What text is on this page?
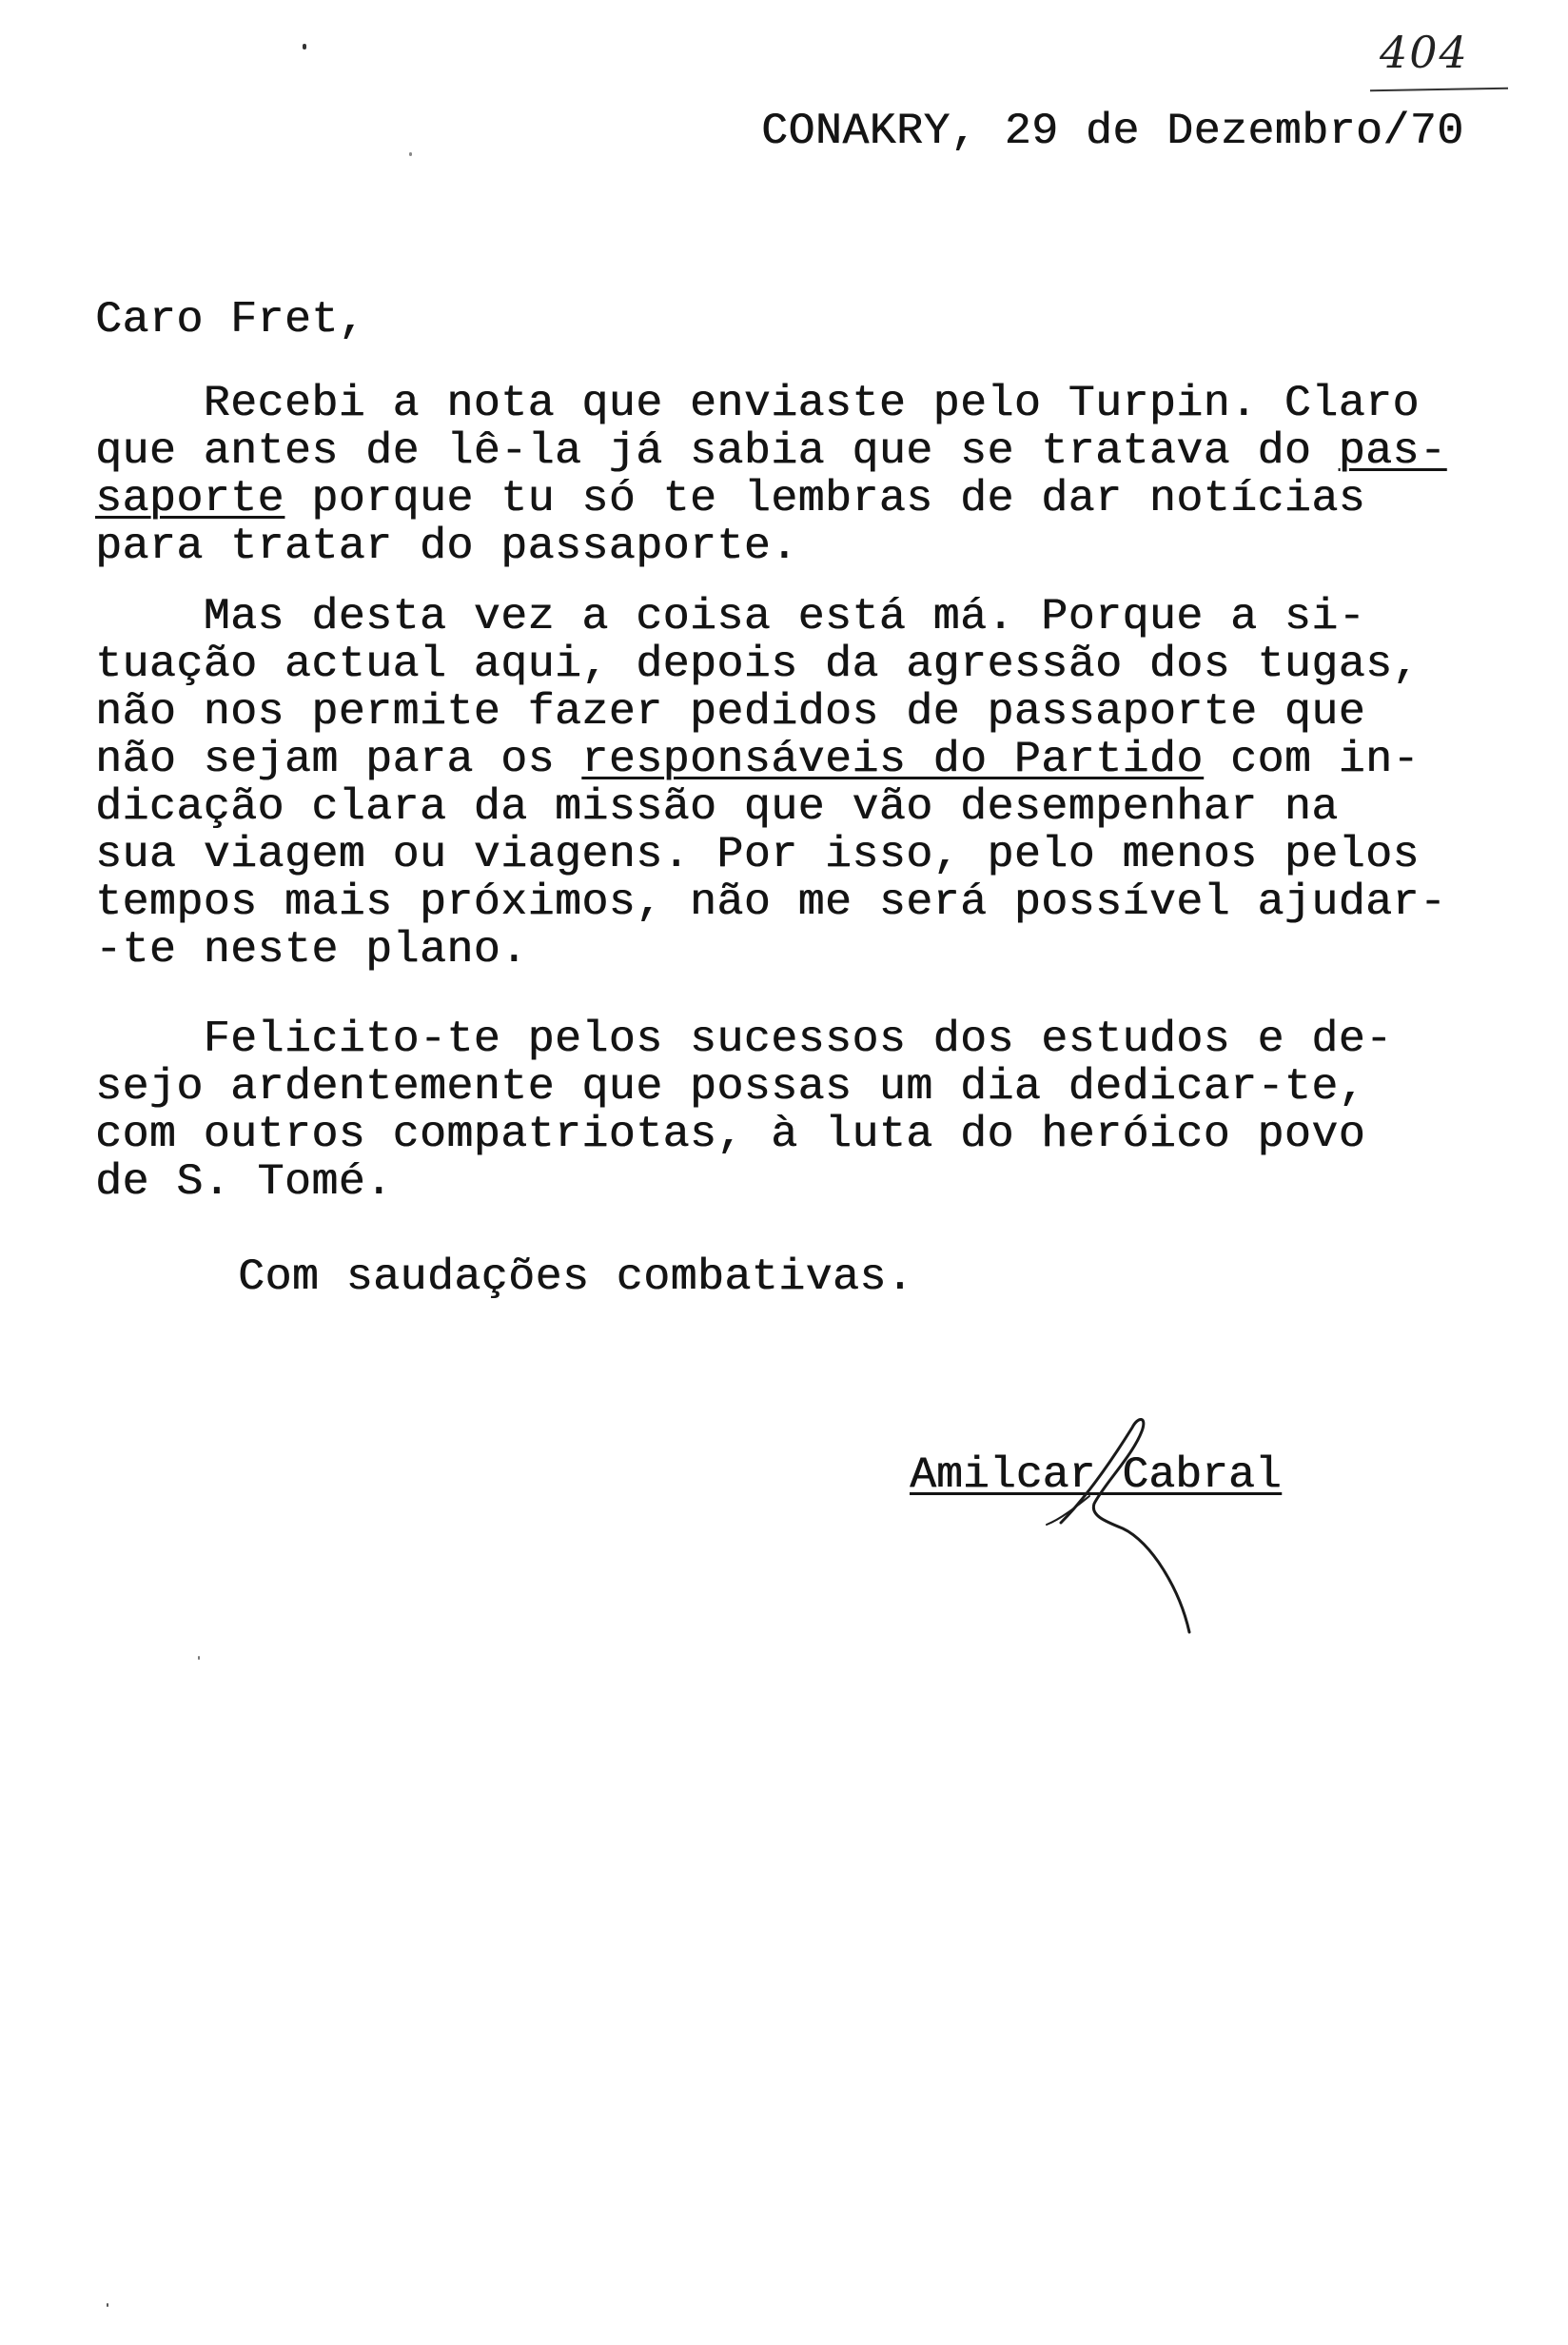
404
CONAKRY, 29 de Dezembro/70
Caro Fret,
Recebi a nota que enviaste pelo Turpin. Claro
que antes de lê-la já sabia que se tratava do pas-
saporte porque tu só te lembras de dar notícias
para tratar do passaporte.
Mas desta vez a coisa está má. Porque a si-
tuação actual aqui, depois da agressão dos tugas,
não nos permite fazer pedidos de passaporte que
não sejam para os responsáveis do Partido com in-
dicação clara da missão que vão desempenhar na
sua viagem ou viagens. Por isso, pelo menos pelos
tempos mais próximos, não me será possível ajudar-
-te neste plano.
Felicito-te pelos sucessos dos estudos e de-
sejo ardentemente que possas um dia dedicar-te,
com outros compatriotas, à luta do heróico povo
de S. Tomé.
Com saudações combativas.
Amilcar Cabral
